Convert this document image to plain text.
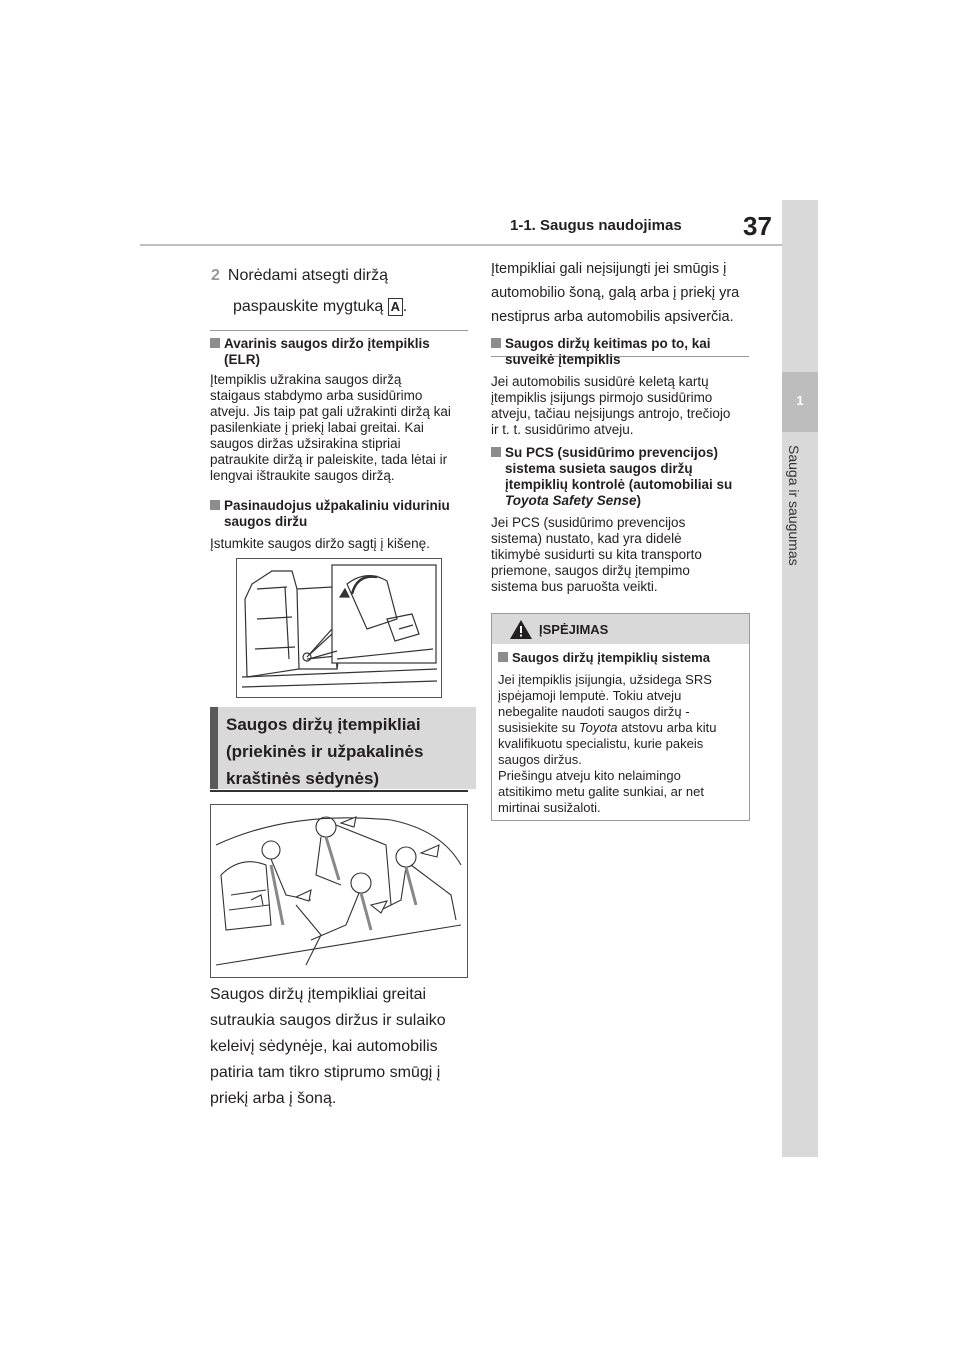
1-1. Saugus naudojimas 37
1
Sauga ir saugumas
2 Norėdami atsegti diržą
paspauskite mygtuką A .
Avarinis saugos diržo įtempiklis
(ELR)
Įtempiklis užrakina saugos diržą
staigaus stabdymo arba susidūrimo
atveju. Jis taip pat gali užrakinti diržą kai
pasilenkiate į priekį labai greitai. Kai
saugos diržas užsirakina stipriai
patraukite diržą ir paleiskite, tada lėtai ir
lengvai ištraukite saugos diržą.
Pasinaudojus užpakaliniu viduriniu
saugos diržu
Įstumkite saugos diržo sagtį į kišenę.
Saugos diržų įtempikliai
(priekinės ir užpakalinės
kraštinės sėdynės)
Saugos diržų įtempikliai greitai
sutraukia saugos diržus ir sulaiko
keleivį sėdynėje, kai automobilis
patiria tam tikro stiprumo smūgį į
priekį arba į šoną.
Įtempikliai gali neįsijungti jei smūgis į
automobilio šoną, galą arba į priekį yra
nestiprus arba automobilis apsiverčia.
Saugos diržų keitimas po to, kai
suveikė įtempiklis
Jei automobilis susidūrė keletą kartų
įtempiklis įsijungs pirmojo susidūrimo
atveju, tačiau neįsijungs antrojo, trečiojo
ir t. t. susidūrimo atveju.
Su PCS (susidūrimo prevencijos)
sistema susieta saugos diržų
įtempiklių kontrolė (automobiliai su
Toyota Safety Sense)
Jei PCS (susidūrimo prevencijos
sistema) nustato, kad yra didelė
tikimybė susidurti su kita transporto
priemone, saugos diržų įtempimo
sistema bus paruošta veikti.
ĮSPĖJIMAS
Saugos diržų įtempiklių sistema
Jei įtempiklis įsijungia, užsidega SRS
įspėjamoji lemputė. Tokiu atveju
nebegalite naudoti saugos diržų -
susisiekite su Toyota atstovu arba kitu
kvalifikuotu specialistu, kurie pakeis
saugos diržus.
Priešingu atveju kito nelaimingo
atsitikimo metu galite sunkiai, ar net
mirtinai susižaloti.
